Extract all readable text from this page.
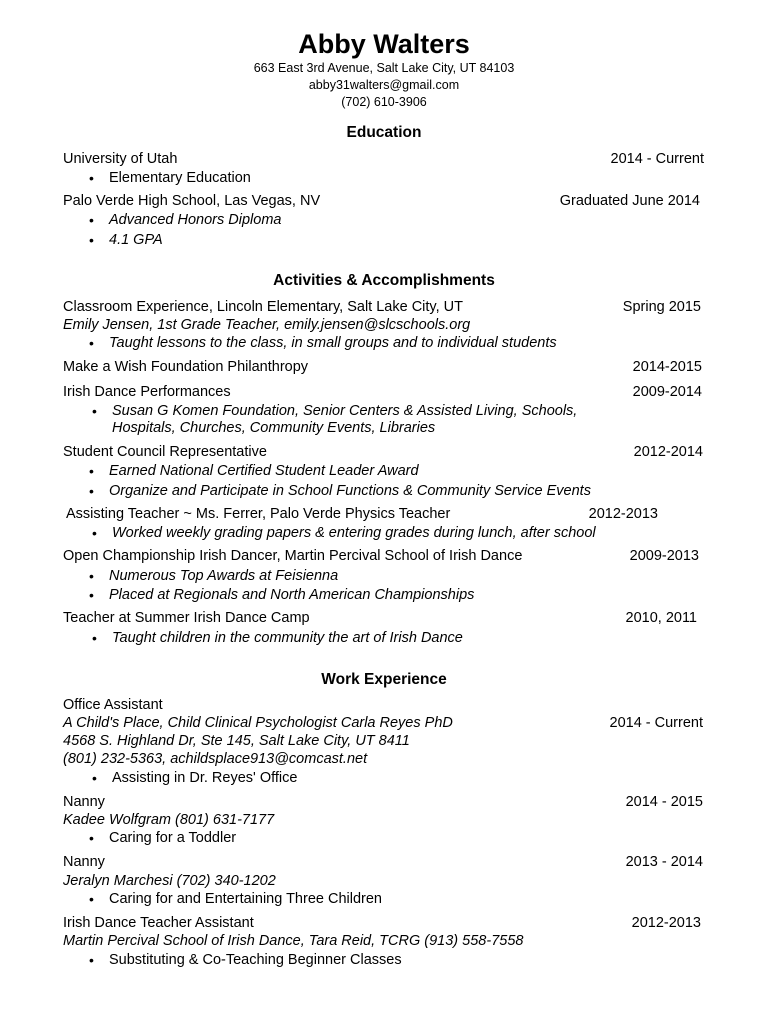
Abby Walters
663 East 3rd Avenue, Salt Lake City, UT 84103
abby31walters@gmail.com
(702) 610-3906
Education
University of Utah	2014 - Current
• Elementary Education
Palo Verde High School, Las Vegas, NV	Graduated June 2014
• Advanced Honors Diploma
• 4.1 GPA
Activities & Accomplishments
Classroom Experience, Lincoln Elementary, Salt Lake City, UT	Spring 2015
Emily Jensen, 1st Grade Teacher, emily.jensen@slcschools.org
• Taught lessons to the class, in small groups and to individual students
Make a Wish Foundation Philanthropy	2014-2015
Irish Dance Performances	2009-2014
• Susan G Komen Foundation, Senior Centers & Assisted Living, Schools,
Hospitals, Churches, Community Events, Libraries
Student Council Representative	2012-2014
• Earned National Certified Student Leader Award
• Organize and Participate in School Functions & Community Service Events
Assisting Teacher ~ Ms. Ferrer, Palo Verde Physics Teacher	2012-2013
• Worked weekly grading papers & entering grades during lunch, after school
Open Championship Irish Dancer, Martin Percival School of Irish Dance	2009-2013
• Numerous Top Awards at Feisienna
• Placed at Regionals and North American Championships
Teacher at Summer Irish Dance Camp	2010, 2011
• Taught children in the community the art of Irish Dance
Work Experience
Office Assistant
A Child's Place, Child Clinical Psychologist Carla Reyes PhD	2014 - Current
4568 S. Highland Dr, Ste 145, Salt Lake City, UT 8411
(801) 232-5363, achildsplace913@comcast.net
• Assisting in Dr. Reyes' Office
Nanny	2014 - 2015
Kadee Wolfgram (801) 631-7177
• Caring for a Toddler
Nanny	2013 - 2014
Jeralyn Marchesi (702) 340-1202
• Caring for and Entertaining Three Children
Irish Dance Teacher Assistant	2012-2013
Martin Percival School of Irish Dance, Tara Reid, TCRG (913) 558-7558
• Substituting & Co-Teaching Beginner Classes
